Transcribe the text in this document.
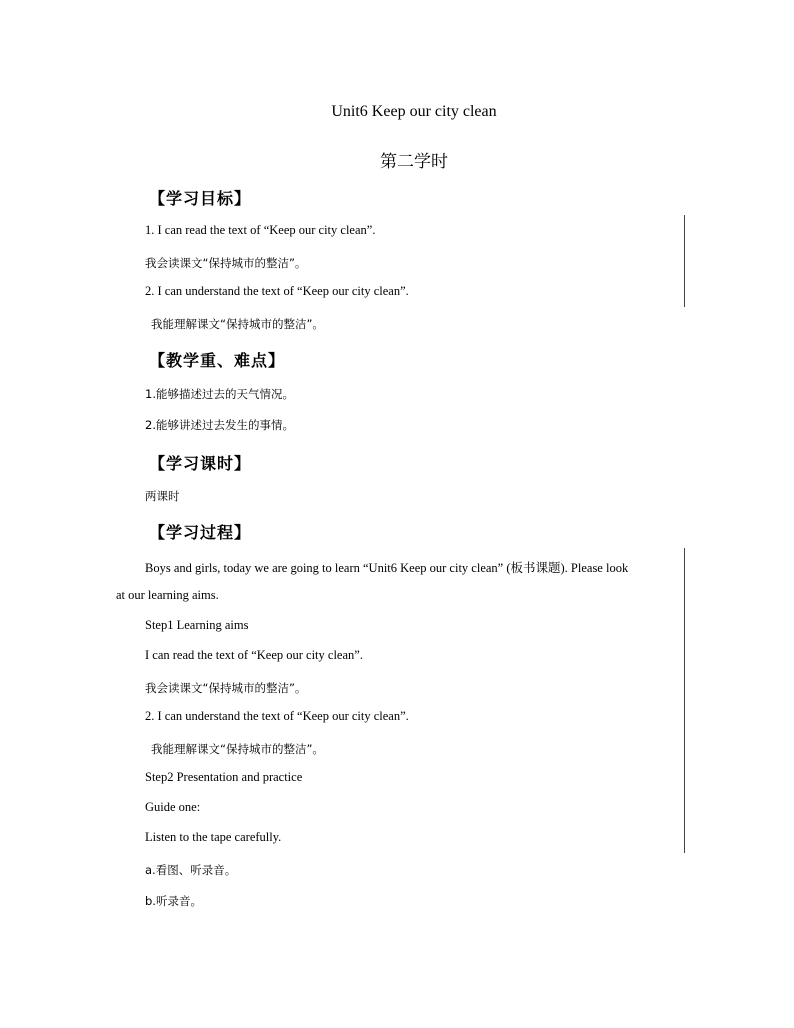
Unit6 Keep our city clean
第二学时
【学习目标】
1. I can read the text of “Keep our city clean”.
我会读课文“保持城市的整洁”。
2. I can understand the text of “Keep our city clean”.
我能理解课文“保持城市的整洁”。
【教学重、难点】
1.能够描述过去的天气情况。
2.能够讲述过去发生的事情。
【学习课时】
两课时
【学习过程】
Boys and girls, today we are going to learn “Unit6 Keep our city clean” (板书课题). Please look
at our learning aims.
Step1 Learning aims
I can read the text of “Keep our city clean”.
我会读课文“保持城市的整洁”。
2. I can understand the text of “Keep our city clean”.
我能理解课文“保持城市的整洁”。
Step2 Presentation and practice
Guide one:
Listen to the tape carefully.
a.看图、听录音。
b.听录音。
